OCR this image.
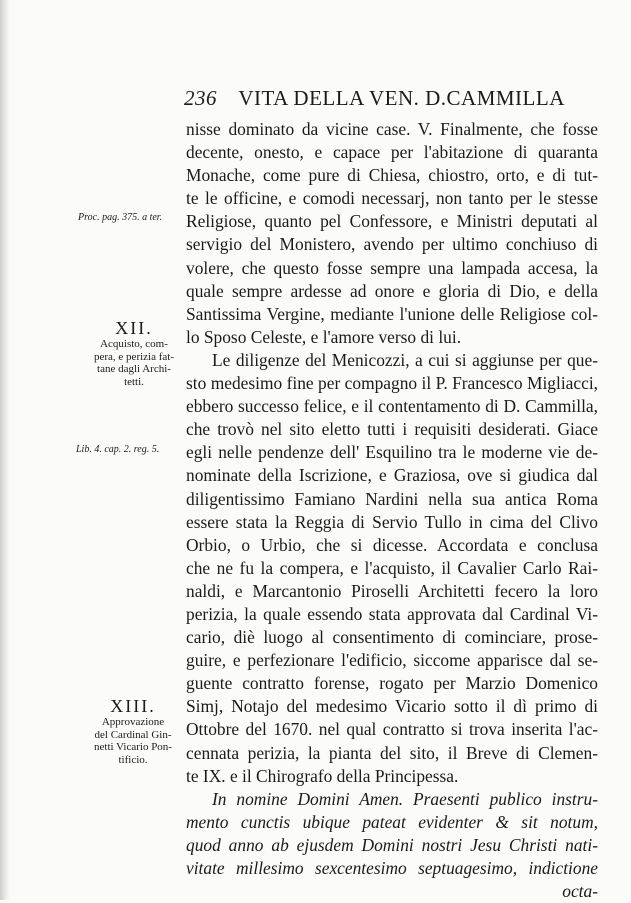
236 VITA DELLA VEN. D.CAMMILLA
nisse dominato da vicine case. V. Finalmente, che fosse
decente, onesto, e capace per l'abitazione di quaranta
Monache, come pure di Chiesa, chiostro, orto, e di tut-
te le officine, e comodi necessarj, non tanto per le stesse
Religiose, quanto pel Confessore, e Ministri deputati al
servigio del Monistero, avendo per ultimo conchiuso di
volere, che questo fosse sempre una lampada accesa, la
quale sempre ardesse ad onore e gloria di Dio, e della
Santissima Vergine, mediante l'unione delle Religiose col-
lo Sposo Celeste, e l'amore verso di lui.
Le diligenze del Menicozzi, a cui si aggiunse per que-
sto medesimo fine per compagno il P. Francesco Migliacci,
ebbero successo felice, e il contentamento di D. Cammilla,
che trovò nel sito eletto tutti i requisiti desiderati. Giace
egli nelle pendenze dell' Esquilino tra le moderne vie de-
nominate della Iscrizione, e Graziosa, ove si giudica dal
diligentissimo Famiano Nardini nella sua antica Roma
essere stata la Reggia di Servio Tullo in cima del Clivo
Orbio, o Urbio, che si dicesse. Accordata e conclusa
che ne fu la compera, e l'acquisto, il Cavalier Carlo Rai-
naldi, e Marcantonio Piroselli Architetti fecero la loro
perizia, la quale essendo stata approvata dal Cardinal Vi-
cario, diè luogo al consentimento di cominciare, prose-
guire, e perfezionare l'edificio, siccome apparisce dal se-
guente contratto forense, rogato per Marzio Domenico
Simj, Notajo del medesimo Vicario sotto il dì primo di
Ottobre del 1670. nel qual contratto si trova inserita l'ac-
cennata perizia, la pianta del sito, il Breve di Clemen-
te IX. e il Chirografo della Principessa.
In nomine Domini Amen. Praesenti publico instru-
mento cunctis ubique pateat evidenter & sit notum,
quod anno ab ejusdem Domini nostri Jesu Christi nati-
vitate millesimo sexcentesimo septuagesimo, indictione
octa-
Proc. pag. 375. a ter.
XII.
Acquisto, com-
pera, e perizia fat-
tane dagli Archi-
tetti.
Lib. 4. cap. 2. reg. 5.
XIII.
Approvazione
del Cardinal Gin-
netti Vicario Pon-
tificio.
